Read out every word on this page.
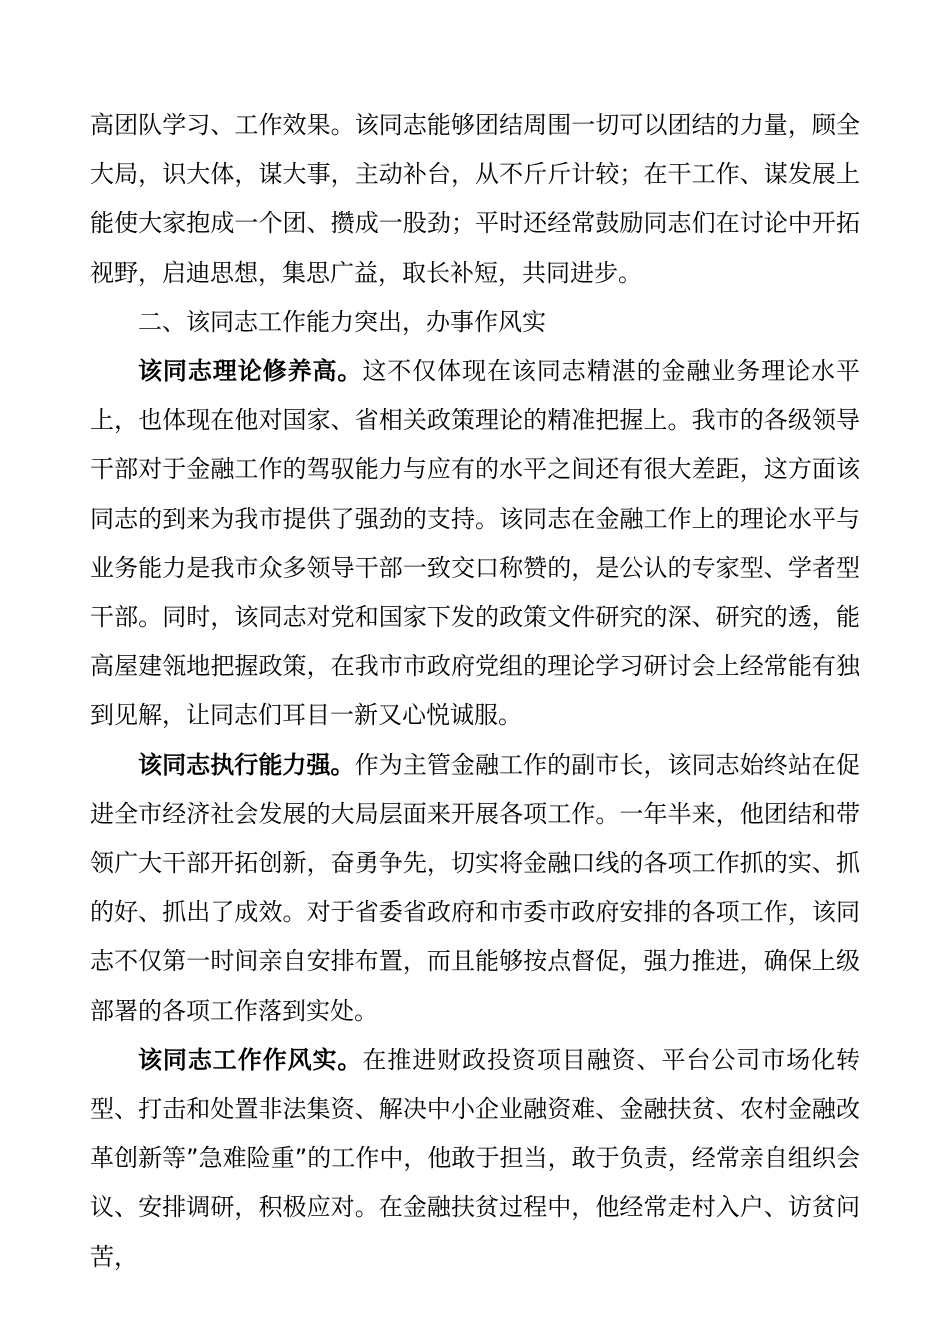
高团队学习、工作效果。该同志能够团结周围一切可以团结的力量，顾全大局，识大体，谋大事，主动补台，从不斤斤计较；在干工作、谋发展上能使大家抱成一个团、攒成一股劲；平时还经常鼓励同志们在讨论中开拓视野，启迪思想，集思广益，取长补短，共同进步。

二、该同志工作能力突出，办事作风实

该同志理论修养高。这不仅体现在该同志精湛的金融业务理论水平上，也体现在他对国家、省相关政策理论的精准把握上。我市的各级领导干部对于金融工作的驾驭能力与应有的水平之间还有很大差距，这方面该同志的到来为我市提供了强劲的支持。该同志在金融工作上的理论水平与业务能力是我市众多领导干部一致交口称赞的，是公认的专家型、学者型干部。同时，该同志对党和国家下发的政策文件研究的深、研究的透，能高屋建瓴地把握政策，在我市市政府党组的理论学习研讨会上经常能有独到见解，让同志们耳目一新又心悦诚服。

该同志执行能力强。作为主管金融工作的副市长，该同志始终站在促进全市经济社会发展的大局层面来开展各项工作。一年半来，他团结和带领广大干部开拓创新，奋勇争先，切实将金融口线的各项工作抓的实、抓的好、抓出了成效。对于省委省政府和市委市政府安排的各项工作，该同志不仅第一时间亲自安排布置，而且能够按点督促，强力推进，确保上级部署的各项工作落到实处。

该同志工作作风实。在推进财政投资项目融资、平台公司市场化转型、打击和处置非法集资、解决中小企业融资难、金融扶贫、农村金融改革创新等”急难险重”的工作中，他敢于担当，敢于负责，经常亲自组织会议、安排调研，积极应对。在金融扶贫过程中，他经常走村入户、访贫问苦，
